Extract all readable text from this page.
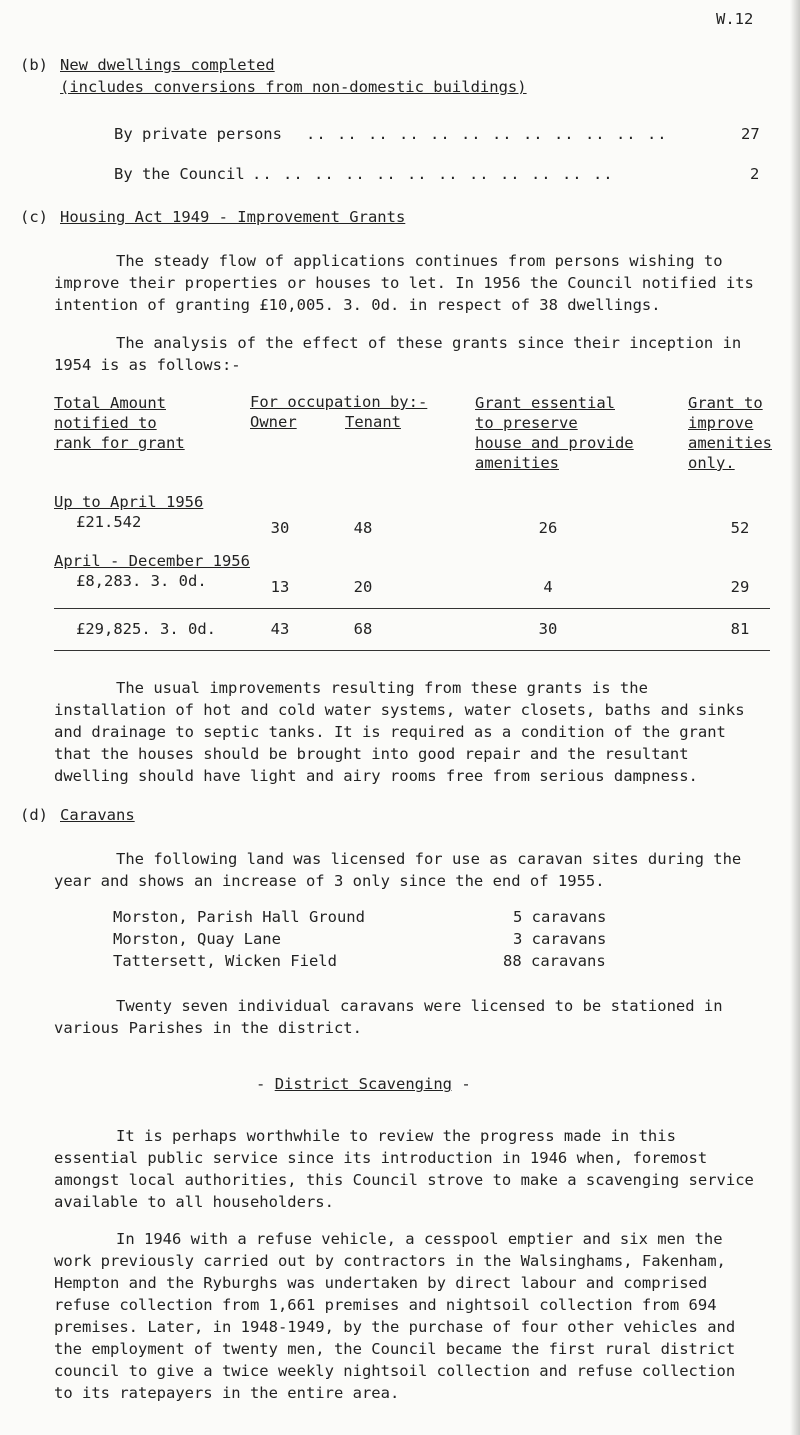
W.12
(b) New dwellings completed
(includes conversions from non-domestic buildings)
By private persons .. .. .. .. .. .. .. .. .. .. .. ..	27
By the Council .. .. .. .. .. .. .. .. .. .. .. ..	2
(c) Housing Act 1949 - Improvement Grants

The steady flow of applications continues from persons wishing to improve their properties or houses to let. In 1956 the Council notified its intention of granting £10,005. 3. 0d. in respect of 38 dwellings.

The analysis of the effect of these grants since their inception in 1954 is as follows:-

Total Amount
notified to
rank for grant
For occupation by:-
Owner	Tenant
Grant essential
to preserve
house and provide
amenities
Grant to
improve
amenities
only.
Up to April 1956
£21.542	30	48	26	52
April - December 1956
£8,283. 3. 0d.	13	20	4	29
£29,825. 3. 0d.	43	68	30	81

The usual improvements resulting from these grants is the installation of hot and cold water systems, water closets, baths and sinks and drainage to septic tanks. It is required as a condition of the grant that the houses should be brought into good repair and the resultant dwelling should have light and airy rooms free from serious dampness.

(d) Caravans

The following land was licensed for use as caravan sites during the year and shows an increase of 3 only since the end of 1955.

Morston, Parish Hall Ground	5 caravans
Morston, Quay Lane	3 caravans
Tattersett, Wicken Field	88 caravans

Twenty seven individual caravans were licensed to be stationed in various Parishes in the district.

- District Scavenging -

It is perhaps worthwhile to review the progress made in this essential public service since its introduction in 1946 when, foremost amongst local authorities, this Council strove to make a scavenging service available to all householders.

In 1946 with a refuse vehicle, a cesspool emptier and six men the work previously carried out by contractors in the Walsinghams, Fakenham, Hempton and the Ryburghs was undertaken by direct labour and comprised refuse collection from 1,661 premises and nightsoil collection from 694 premises. Later, in 1948-1949, by the purchase of four other vehicles and the employment of twenty men, the Council became the first rural district council to give a twice weekly nightsoil collection and refuse collection to its ratepayers in the entire area.
